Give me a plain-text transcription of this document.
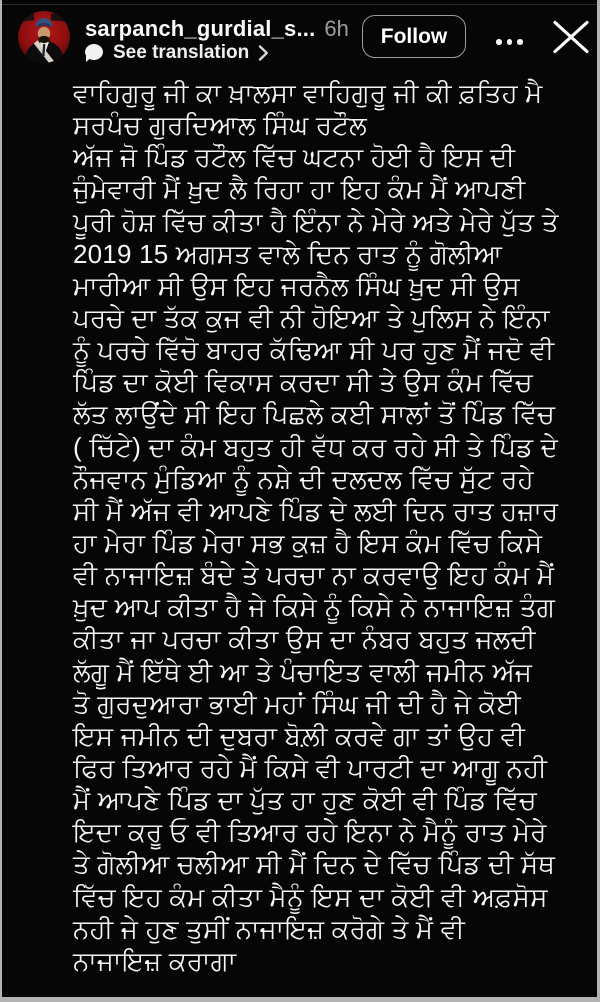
sarpanch_gurdial_s... 6h
See translation
Follow
ਵਾਹਿਗੁਰੂ ਜੀ ਕਾ ਖ਼ਾਲਸਾ ਵਾਹਿਗੁਰੂ ਜੀ ਕੀ ਫ਼ਤਿਹ ਮੈ
ਸਰਪੰਚ ਗੁਰਦਿਆਲ ਸਿੰਘ ਰਟੌਲ
ਅੱਜ ਜੋ ਪਿੰਡ ਰਟੌਲ ਵਿੱਚ ਘਟਨਾ ਹੋਈ ਹੈ ਇਸ ਦੀ
ਜੁੰਮੇਵਾਰੀ ਮੈਂ ਖ਼ੁਦ ਲੈ ਰਿਹਾ ਹਾ ਇਹ ਕੰਮ ਮੈਂ ਆਪਣੀ
ਪੂਰੀ ਹੋਸ਼ ਵਿੱਚ ਕੀਤਾ ਹੈ ਇੰਨਾ ਨੇ ਮੇਰੇ ਅਤੇ ਮੇਰੇ ਪੁੱਤ ਤੇ
2019 15 ਅਗਸਤ ਵਾਲੇ ਦਿਨ ਰਾਤ ਨੂੰ ਗੋਲੀਆ
ਮਾਰੀਆ ਸੀ ਉਸ ਇਹ ਜਰਨੈਲ ਸਿੰਘ ਖ਼ੁਦ ਸੀ ਉਸ
ਪਰਚੇ ਦਾ ਤੱਕ ਕੁਜ ਵੀ ਨੀ ਹੋਇਆ ਤੇ ਪੁਲਿਸ ਨੇ ਇੰਨਾ
ਨੂੰ ਪਰਚੇ ਵਿੱਚੋ ਬਾਹਰ ਕੱਢਿਆ ਸੀ ਪਰ ਹੁਣ ਮੈਂ ਜਦੋ ਵੀ
ਪਿੰਡ ਦਾ ਕੋਈ ਵਿਕਾਸ ਕਰਦਾ ਸੀ ਤੇ ਉਸ ਕੰਮ ਵਿੱਚ
ਲੱਤ ਲਾਉਂਦੇ ਸੀ ਇਹ ਪਿਛਲੇ ਕਈ ਸਾਲਾਂ ਤੋਂ ਪਿੰਡ ਵਿੱਚ
( ਚਿੱਟੇ) ਦਾ ਕੰਮ ਬਹੁਤ ਹੀ ਵੱਧ ਕਰ ਰਹੇ ਸੀ ਤੇ ਪਿੰਡ ਦੇ
ਨੌਜਵਾਨ ਮੁੰਡਿਆ ਨੂੰ ਨਸ਼ੇ ਦੀ ਦਲਦਲ ਵਿੱਚ ਸੁੱਟ ਰਹੇ
ਸੀ ਮੈਂ ਅੱਜ ਵੀ ਆਪਣੇ ਪਿੰਡ ਦੇ ਲਈ ਦਿਨ ਰਾਤ ਹਜ਼ਾਰ
ਹਾ ਮੇਰਾ ਪਿੰਡ ਮੇਰਾ ਸਭ ਕੁਜ਼ ਹੈ ਇਸ ਕੰਮ ਵਿੱਚ ਕਿਸੇ
ਵੀ ਨਾਜਾਇਜ਼ ਬੰਦੇ ਤੇ ਪਰਚਾ ਨਾ ਕਰਵਾਉ ਇਹ ਕੰਮ ਮੈਂ
ਖ਼ੁਦ ਆਪ ਕੀਤਾ ਹੈ ਜੇ ਕਿਸੇ ਨੂੰ ਕਿਸੇ ਨੇ ਨਾਜਾਇਜ਼ ਤੰਗ
ਕੀਤਾ ਜਾ ਪਰਚਾ ਕੀਤਾ ਉਸ ਦਾ ਨੰਬਰ ਬਹੁਤ ਜਲਦੀ
ਲੱਗੂ ਮੈਂ ਇੱਥੇ ਈ ਆ ਤੇ ਪੰਚਾਇਤ ਵਾਲੀ ਜਮੀਨ ਅੱਜ
ਤੋ ਗੁਰਦੁਆਰਾ ਭਾਈ ਮਹਾਂ ਸਿੰਘ ਜੀ ਦੀ ਹੈ ਜੇ ਕੋਈ
ਇਸ ਜਮੀਨ ਦੀ ਦੁਬਰਾ ਬੋਲ਼ੀ ਕਰਵੇ ਗਾ ਤਾਂ ਉਹ ਵੀ
ਫਿਰ ਤਿਆਰ ਰਹੇ ਮੈਂ ਕਿਸੇ ਵੀ ਪਾਰਟੀ ਦਾ ਆਗੂ ਨਹੀ
ਮੈਂ ਆਪਣੇ ਪਿੰਡ ਦਾ ਪੁੱਤ ਹਾ ਹੁਣ ਕੋਈ ਵੀ ਪਿੰਡ ਵਿੱਚ
ਇਦਾ ਕਰੂ ਓ ਵੀ ਤਿਆਰ ਰਹੇ ਇਨਾ ਨੇ ਮੈਨੂੰ ਰਾਤ ਮੇਰੇ
ਤੇ ਗੋਲੀਆ ਚਲੀਆ ਸੀ ਮੈਂ ਦਿਨ ਦੇ ਵਿੱਚ ਪਿੰਡ ਦੀ ਸੱਥ
ਵਿੱਚ ਇਹ ਕੰਮ ਕੀਤਾ ਮੈਨੂੰ ਇਸ ਦਾ ਕੋਈ ਵੀ ਅਫ਼ਸੋਸ
ਨਹੀ ਜੇ ਹੁਣ ਤੁਸੀਂ ਨਾਜਾਇਜ਼ ਕਰੋਗੇ ਤੇ ਮੈਂ ਵੀ
ਨਾਜਾਇਜ਼ ਕਰਾਗਾ
